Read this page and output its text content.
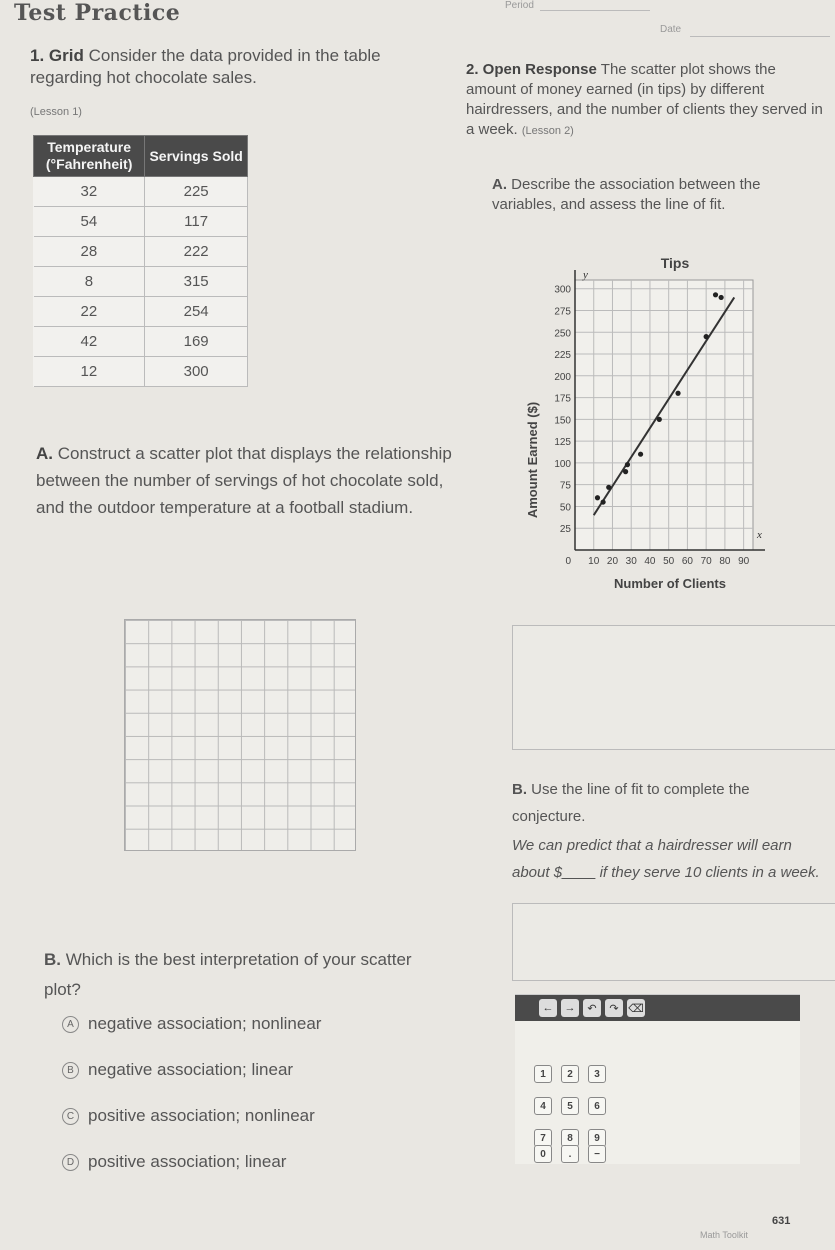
Test Practice	Period
Date
1. Grid Consider the data provided in the table regarding hot chocolate sales.
(Lesson 1)
Temperature (°Fahrenheit)	Servings Sold
32	225
54	117
28	222
8	315
22	254
42	169
12	300
A. Construct a scatter plot that displays the relationship between the number of servings of hot chocolate sold, and the outdoor temperature at a football stadium.
B. Which is the best interpretation of your scatter plot?
A negative association; nonlinear
B negative association; linear
C positive association; nonlinear
D positive association; linear
2. Open Response The scatter plot shows the amount of money earned (in tips) by different hairdressers, and the number of clients they served in a week. (Lesson 2)
A. Describe the association between the variables, and assess the line of fit.
Tips
y
x
25
50
75
100
125
150
175
200
225
250
275
300
10 20 30 40 50 60 70 80 90
0
Amount Earned ($)
Number of Clients
B. Use the line of fit to complete the conjecture.
We can predict that a hairdresser will earn about $____ if they serve 10 clients in a week.
←	→	↶	↷ ⌫
1	2	3
4	5	6
7	8	9
0	.	−
Math Toolkit
631
